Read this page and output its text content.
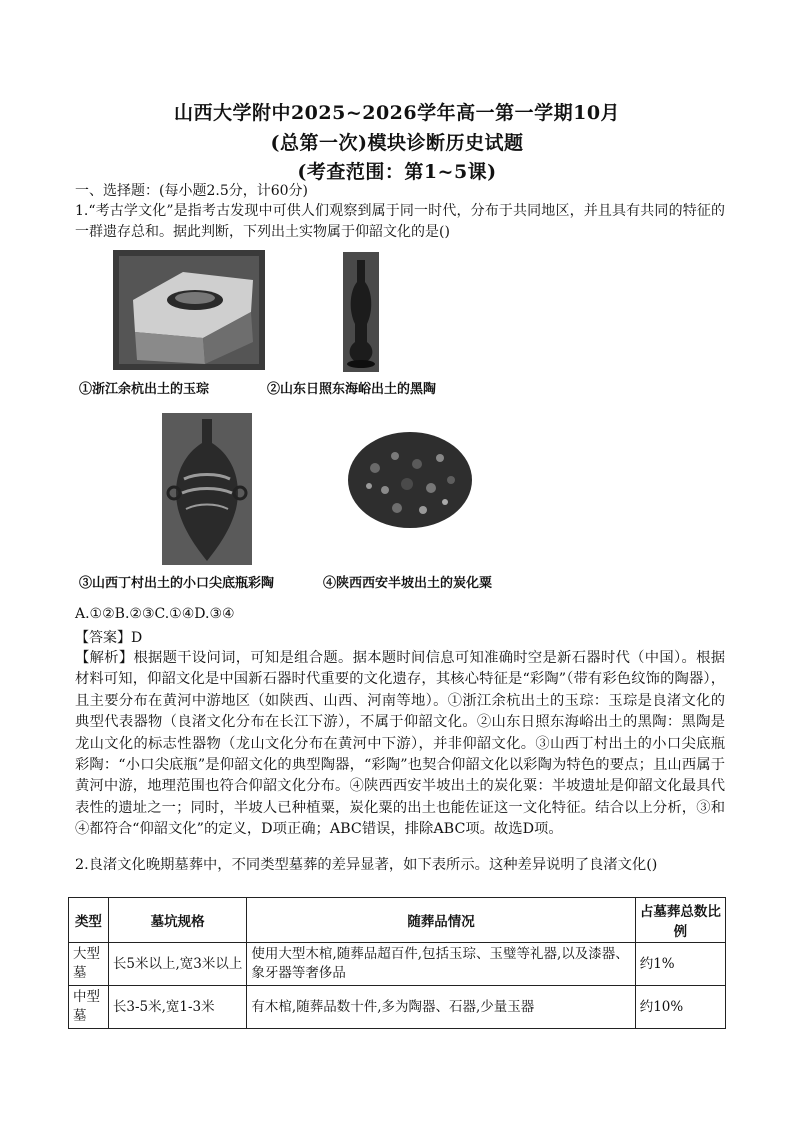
山西大学附中2025~2026学年高一第一学期10月
(总第一次)模块诊断历史试题
(考查范围：第1~5课)
一、选择题：(每小题2.5分，计60分)
1.“考古学文化”是指考古发现中可供人们观察到属于同一时代，分布于共同地区，并且具有共同的特征的一群遗存总和。据此判断，下列出土实物属于仰韶文化的是()
①浙江余杭出土的玉琮	②山东日照东海峪出土的黑陶
③山西丁村出土的小口尖底瓶彩陶	④陕西西安半坡出土的炭化粟
A.①②B.②③C.①④D.③④
【答案】D
【解析】根据题干设问词，可知是组合题。据本题时间信息可知准确时空是新石器时代（中国）。根据材料可知，仰韶文化是中国新石器时代重要的文化遗存，其核心特征是“彩陶”（带有彩色纹饰的陶器），且主要分布在黄河中游地区（如陕西、山西、河南等地）。①浙江余杭出土的玉琮：玉琮是良渚文化的典型代表器物（良渚文化分布在长江下游），不属于仰韶文化。②山东日照东海峪出土的黑陶：黑陶是龙山文化的标志性器物（龙山文化分布在黄河中下游），并非仰韶文化。③山西丁村出土的小口尖底瓶彩陶：“小口尖底瓶”是仰韶文化的典型陶器，“彩陶”也契合仰韶文化以彩陶为特色的要点；且山西属于黄河中游，地理范围也符合仰韶文化分布。④陕西西安半坡出土的炭化粟：半坡遗址是仰韶文化最具代表性的遗址之一；同时，半坡人已种植粟，炭化粟的出土也能佐证这一文化特征。结合以上分析，③和④都符合“仰韶文化”的定义，D项正确；ABC错误，排除ABC项。故选D项。
2.良渚文化晚期墓葬中，不同类型墓葬的差异显著，如下表所示。这种差异说明了良渚文化()
类型	墓坑规格	随葬品情况	占墓葬总数比例
大型墓	长5米以上,宽3米以上	使用大型木棺,随葬品超百件,包括玉琮、玉璧等礼器,以及漆器、象牙器等奢侈品	约1%
中型墓	长3-5米,宽1-3米	有木棺,随葬品数十件,多为陶器、石器,少量玉器	约10%
